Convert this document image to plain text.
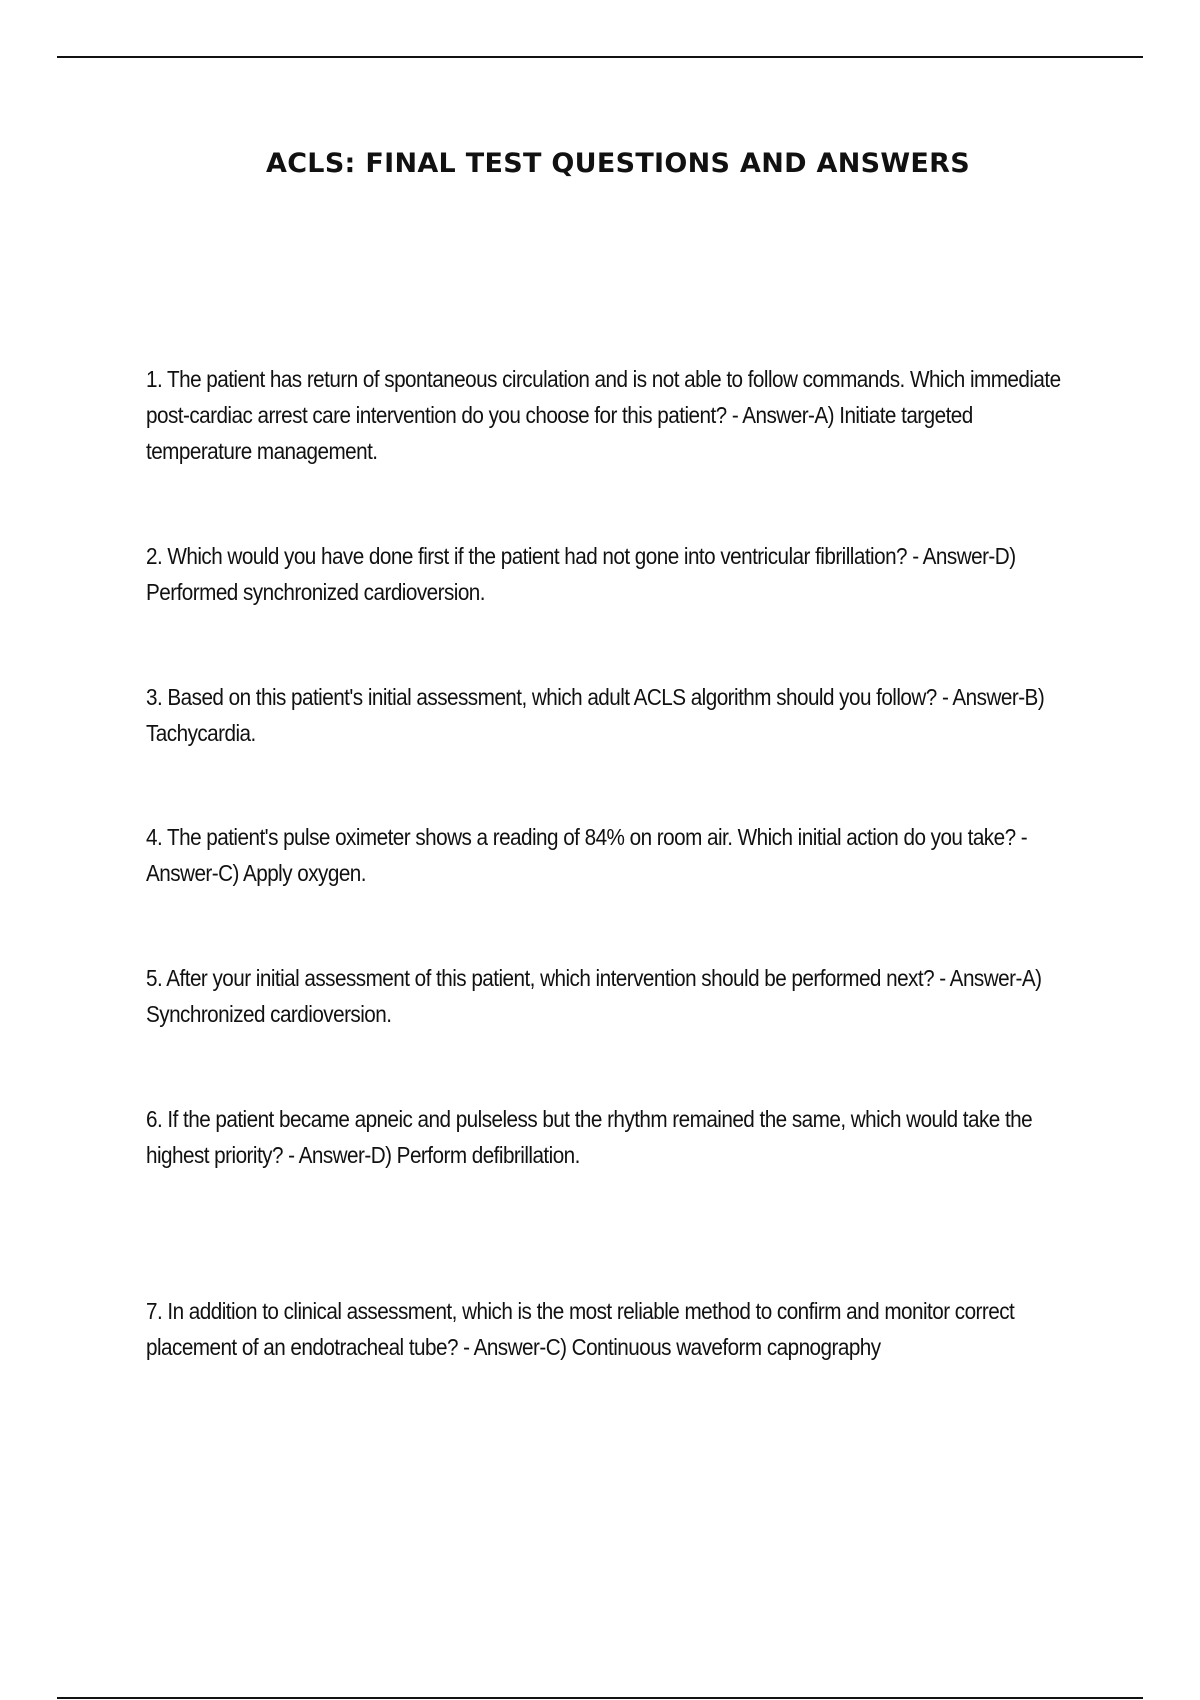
ACLS: FINAL TEST QUESTIONS AND ANSWERS

1. The patient has return of spontaneous circulation and is not able to follow commands. Which immediate post-cardiac arrest care intervention do you choose for this patient? - Answer-A) Initiate targeted temperature management.

2. Which would you have done first if the patient had not gone into ventricular fibrillation? - Answer-D) Performed synchronized cardioversion.

3. Based on this patient's initial assessment, which adult ACLS algorithm should you follow? - Answer-B) Tachycardia.

4. The patient's pulse oximeter shows a reading of 84% on room air. Which initial action do you take? - Answer-C) Apply oxygen.

5. After your initial assessment of this patient, which intervention should be performed next? - Answer-A) Synchronized cardioversion.

6. If the patient became apneic and pulseless but the rhythm remained the same, which would take the highest priority? - Answer-D) Perform defibrillation.

7. In addition to clinical assessment, which is the most reliable method to confirm and monitor correct placement of an endotracheal tube? - Answer-C) Continuous waveform capnography
